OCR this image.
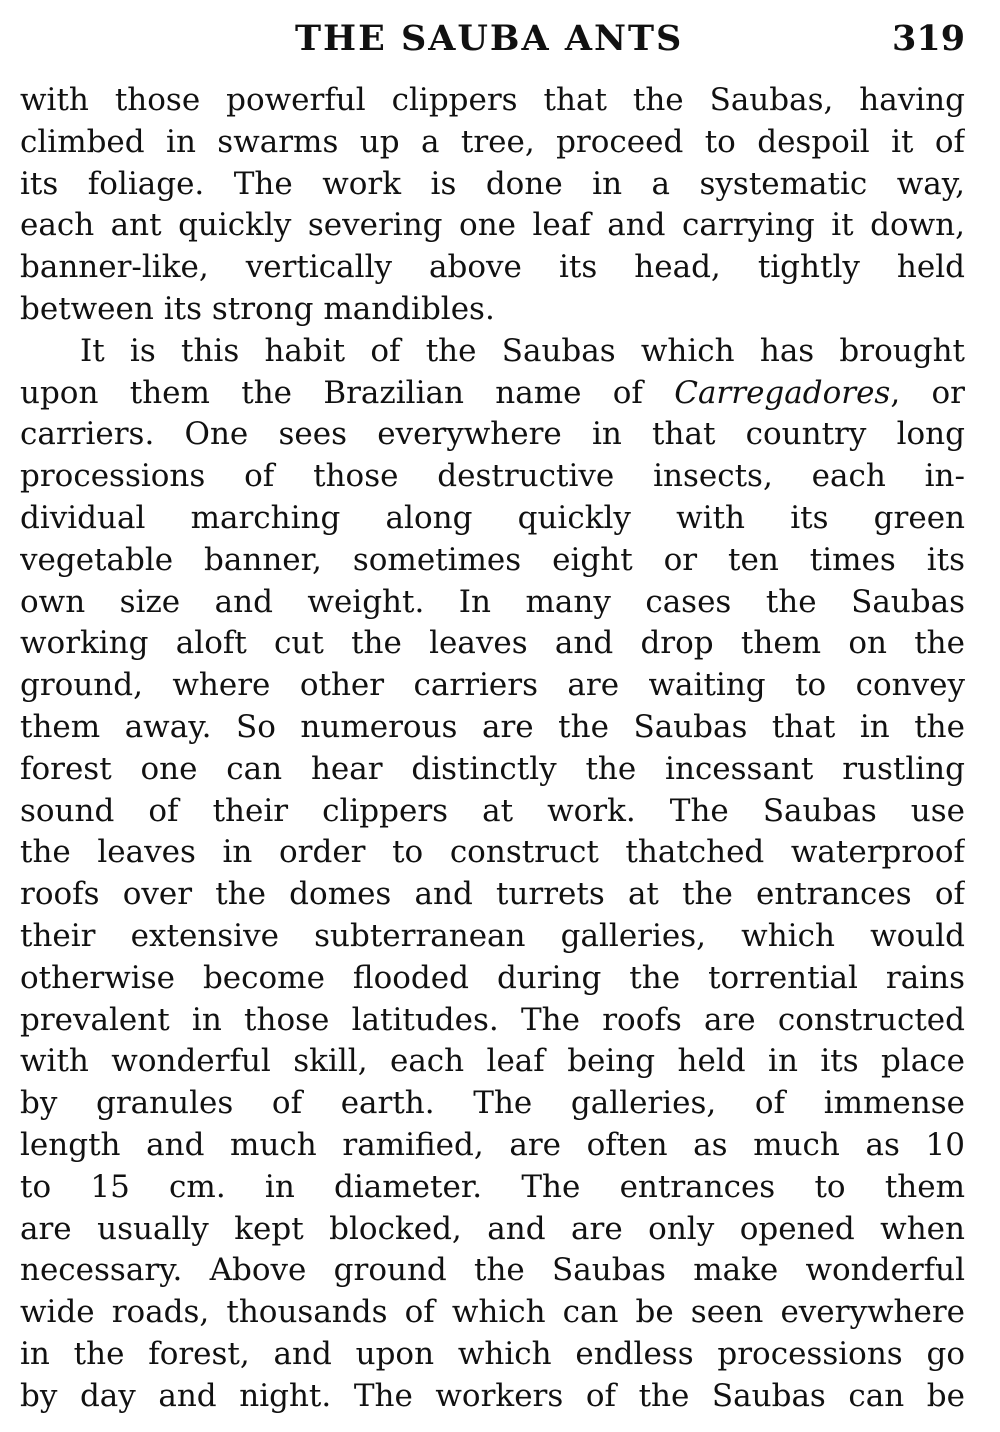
THE SAUBA ANTS	319
with those powerful clippers that the Saubas, having
climbed in swarms up a tree, proceed to despoil it of
its foliage. The work is done in a systematic way,
each ant quickly severing one leaf and carrying it down,
banner-like, vertically above its head, tightly held
between its strong mandibles.
It is this habit of the Saubas which has brought
upon them the Brazilian name of Carregadores, or
carriers. One sees everywhere in that country long
processions of those destructive insects, each in-
dividual marching along quickly with its green
vegetable banner, sometimes eight or ten times its
own size and weight. In many cases the Saubas
working aloft cut the leaves and drop them on the
ground, where other carriers are waiting to convey
them away. So numerous are the Saubas that in the
forest one can hear distinctly the incessant rustling
sound of their clippers at work. The Saubas use
the leaves in order to construct thatched waterproof
roofs over the domes and turrets at the entrances of
their extensive subterranean galleries, which would
otherwise become flooded during the torrential rains
prevalent in those latitudes. The roofs are constructed
with wonderful skill, each leaf being held in its place
by granules of earth. The galleries, of immense
length and much ramified, are often as much as 10
to 15 cm. in diameter. The entrances to them
are usually kept blocked, and are only opened when
necessary. Above ground the Saubas make wonderful
wide roads, thousands of which can be seen everywhere
in the forest, and upon which endless processions go
by day and night. The workers of the Saubas can be
